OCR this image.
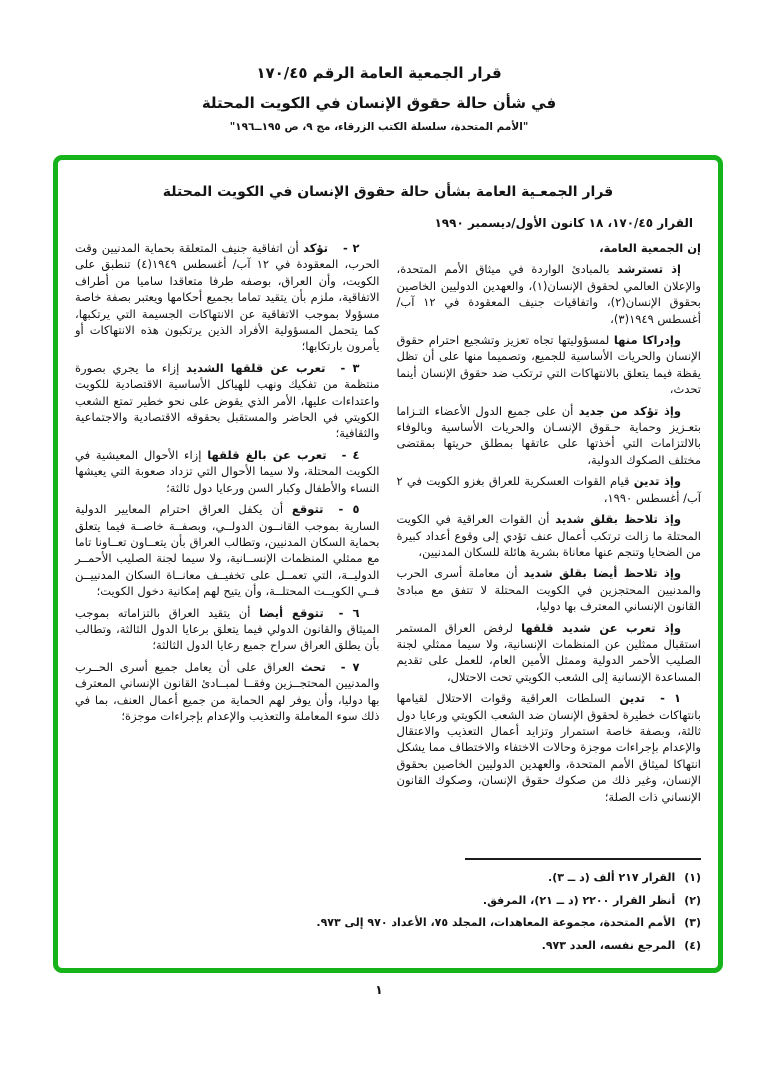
قرار الجمعية العامة الرقم ١٧٠/٤٥

في شأن حالة حقوق الإنسان في الكويت المحتلة

"الأمم المتحدة، سلسلة الكتب الزرقاء، مج ٩، ص ١٩٥ــ١٩٦"

قرار الجمعـية العامة بشأن حالة حقوق الإنسان في الكويت المحتلة

القرار ١٧٠/٤٥، ١٨ كانون الأول/ديسمبر ١٩٩٠

إن الجمعية العامة،

إذ تسترشد بالمبادئ الواردة في ميثاق الأمم المتحدة، والإعلان العالمي لحقوق الإنسان(١)، والعهدين الدوليين الخاصين بحقوق الإنسان(٢)، واتفاقيات جنيف المعقودة في ١٢ آب/ أغسطس ١٩٤٩(٣)،

وإدراكا منها لمسؤوليتها تجاه تعزيز وتشجيع احترام حقوق الإنسان والحريات الأساسية للجميع، وتصميما منها على أن تظل يقظة فيما يتعلق بالانتهاكات التي ترتكب ضد حقوق الإنسان أينما تحدث،

وإذ تؤكد من جديد أن على جميع الدول الأعضاء التـزاما بتعـزيز وحماية حـقوق الإنسـان والحريات الأساسية وبالوفاء بالالتزامات التي أخذتها على عاتقها بمطلق حريتها بمقتضى مختلف الصكوك الدولية،

وإذ تدين قيام القوات العسكرية للعراق بغزو الكويت في ٢ آب/ أغسطس ١٩٩٠،

وإذ تلاحظ بقلق شديد أن القوات العراقية في الكويت المحتلة ما زالت ترتكب أعمال عنف تؤدي إلى وقوع أعداد كبيرة من الضحايا وتنجم عنها معاناة بشرية هائلة للسكان المدنيين،

وإذ تلاحظ أيضا بقلق شديد أن معاملة أسرى الحرب والمدنيين المحتجزين في الكويت المحتلة لا تتفق مع مبادئ القانون الإنساني المعترف بها دوليا،

وإذ تعرب عن شديد قلقها لرفض العراق المستمر استقبال ممثلين عن المنظمات الإنسانية، ولا سيما ممثلي لجنة الصليب الأحمر الدولية وممثل الأمين العام، للعمل على تقديم المساعدة الإنسانية إلى الشعب الكويتي تحت الاحتلال،

١ -تدين السلطات العراقية وقوات الاحتلال لقيامها بانتهاكات خطيرة لحقوق الإنسان ضد الشعب الكويتي ورعايا دول ثالثة، وبصفة خاصة استمرار وتزايد أعمال التعذيب والاعتقال والإعدام بإجراءات موجزة وحالات الاختفاء والاختطاف مما يشكل انتهاكا لميثاق الأمم المتحدة، والعهدين الدوليين الخاصين بحقوق الإنسان، وغير ذلك من صكوك حقوق الإنسان، وصكوك القانون الإنساني ذات الصلة؛

٢ -تؤكد أن اتفاقية جنيف المتعلقة بحماية المدنيين وقت الحرب، المعقودة في ١٢ آب/ أغسطس ١٩٤٩(٤) تنطبق على الكويت، وأن العراق، بوصفه طرفا متعاقدا ساميا من أطراف الاتفاقية، ملزم بأن يتقيد تماما بجميع أحكامها ويعتبر بصفة خاصة مسؤولا بموجب الاتفاقية عن الانتهاكات الجسيمة التي يرتكبها، كما يتحمل المسؤولية الأفراد الذين يرتكبون هذه الانتهاكات أو يأمرون بارتكابها؛

٣ -تعرب عن قلقها الشديد إزاء ما يجري بصورة منتظمة من تفكيك ونهب للهياكل الأساسية الاقتصادية للكويت واعتداءات عليها، الأمر الذي يقوض على نحو خطير تمتع الشعب الكويتي في الحاضر والمستقبل بحقوقه الاقتصادية والاجتماعية والثقافية؛

٤ -تعرب عن بالغ قلقها إزاء الأحوال المعيشية في الكويت المحتلة، ولا سيما الأحوال التي تزداد صعوبة التي يعيشها النساء والأطفال وكبار السن ورعايا دول ثالثة؛

٥ -تتوقع أن يكفل العراق احترام المعايير الدولية السارية بموجب القانــون الدولــي، وبصفــة خاصــة فيما يتعلق بحماية السكان المدنيين، وتطالب العراق بأن يتعــاون تعــاونا تاما مع ممثلي المنظمات الإنســانية، ولا سيما لجنة الصليب الأحمــر الدوليــة، التي تعمــل على تخفيــف معانــاة السكان المدنييــن فــي الكويــت المحتلــة، وأن يتيح لهم إمكانية دخول الكويت؛

٦ -تتوقع أيضا أن يتقيد العراق بالتزاماته بموجب الميثاق والقانون الدولي فيما يتعلق برعايا الدول الثالثة، وتطالب بأن يطلق العراق سراح جميع رعايا الدول الثالثة؛

٧ -تحث العراق على أن يعامل جميع أسرى الحــرب والمدنيين المحتجــزين وفقــا لمبــادئ القانون الإنساني المعترف بها دوليا، وأن يوفر لهم الحماية من جميع أعمال العنف، بما في ذلك سوء المعاملة والتعذيب والإعدام بإجراءات موجزة؛

(١)القرار ٢١٧ ألف (د ــ ٣).

(٢)أنظر القرار ٢٢٠٠ (د ــ ٢١)، المرفق.

(٣)الأمم المتحدة، مجموعة المعاهدات، المجلد ٧٥، الأعداد ٩٧٠ إلى ٩٧٣.

(٤)المرجع نفسه، العدد ٩٧٣.

١
